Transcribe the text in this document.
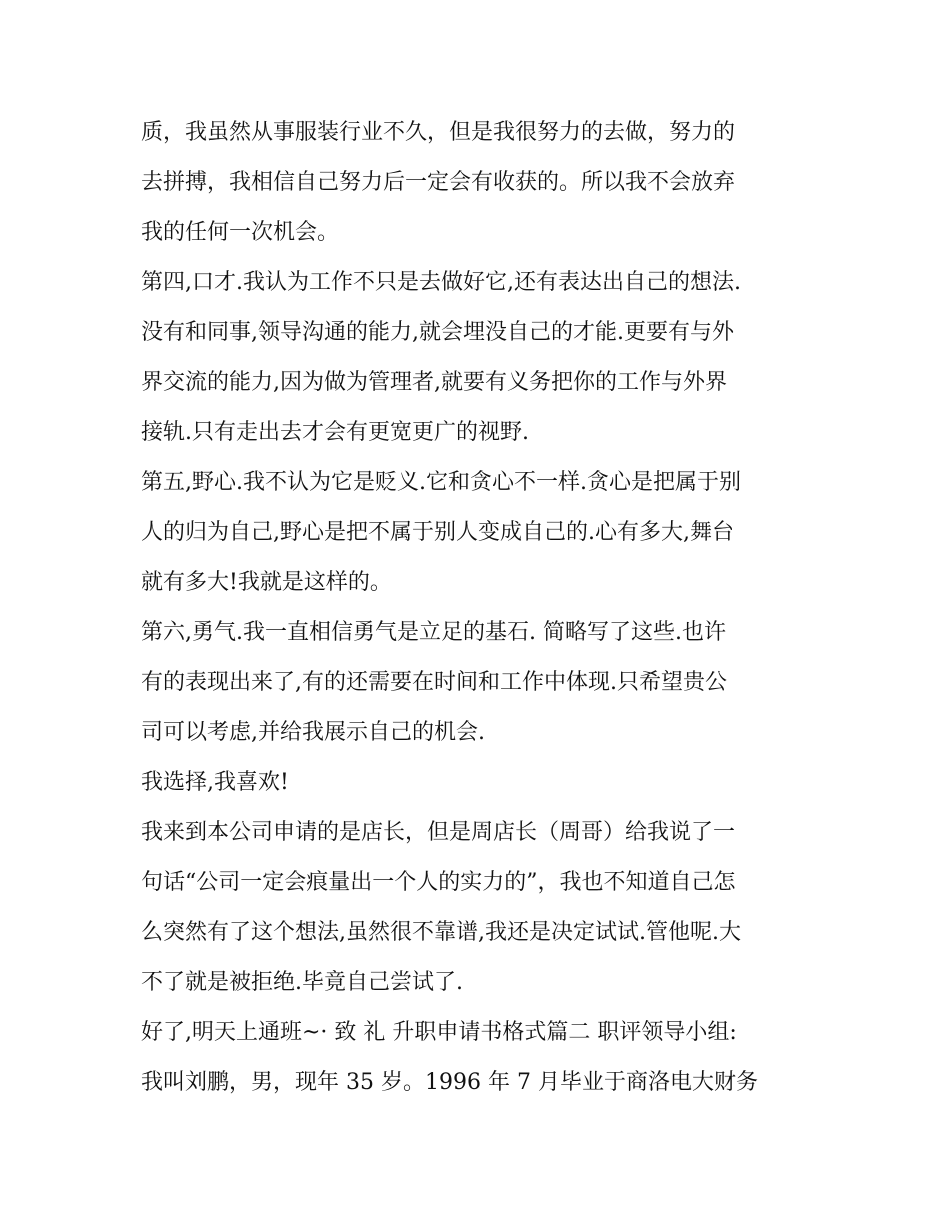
质，我虽然从事服装行业不久，但是我很努力的去做，努力的
去拼搏，我相信自己努力后一定会有收获的。所以我不会放弃
我的任何一次机会。
第四,口才.我认为工作不只是去做好它,还有表达出自己的想法.
没有和同事,领导沟通的能力,就会埋没自己的才能.更要有与外
界交流的能力,因为做为管理者,就要有义务把你的工作与外界
接轨.只有走出去才会有更宽更广的视野.
第五,野心.我不认为它是贬义.它和贪心不一样.贪心是把属于别
人的归为自己,野心是把不属于别人变成自己的.心有多大,舞台
就有多大!我就是这样的。
第六,勇气.我一直相信勇气是立足的基石. 简略写了这些.也许
有的表现出来了,有的还需要在时间和工作中体现.只希望贵公
司可以考虑,并给我展示自己的机会.
我选择,我喜欢!
我来到本公司申请的是店长，但是周店长（周哥）给我说了一
句话“公司一定会痕量出一个人的实力的”，我也不知道自己怎
么突然有了这个想法,虽然很不靠谱,我还是决定试试.管他呢.大
不了就是被拒绝.毕竟自己尝试了.
好了,明天上通班~· 致 礼 升职申请书格式篇二 职评领导小组:
我叫刘鹏，男，现年 35 岁。1996 年 7 月毕业于商洛电大财务
